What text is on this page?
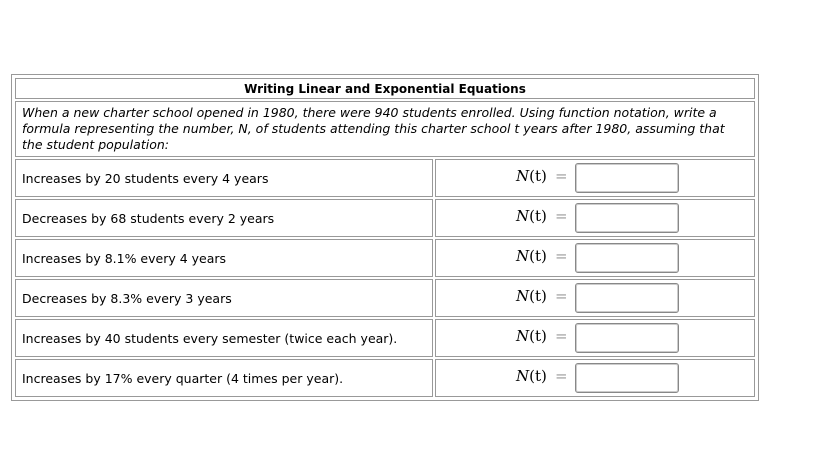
Writing Linear and Exponential Equations	
When a new charter school opened in 1980, there were 940 students enrolled. Using function notation, write a formula representing the number, N, of students attending this charter school t years after 1980, assuming that the student population:	
Increases by 20 students every 4 years	N(t) =

Decreases by 68 students every 2 years	N(t) =

Increases by 8.1% every 4 years	N(t) =

Decreases by 8.3% every 3 years	N(t) =

Increases by 40 students every semester (twice each year).	N(t) =

Increases by 17% every quarter (4 times per year).	N(t) =
